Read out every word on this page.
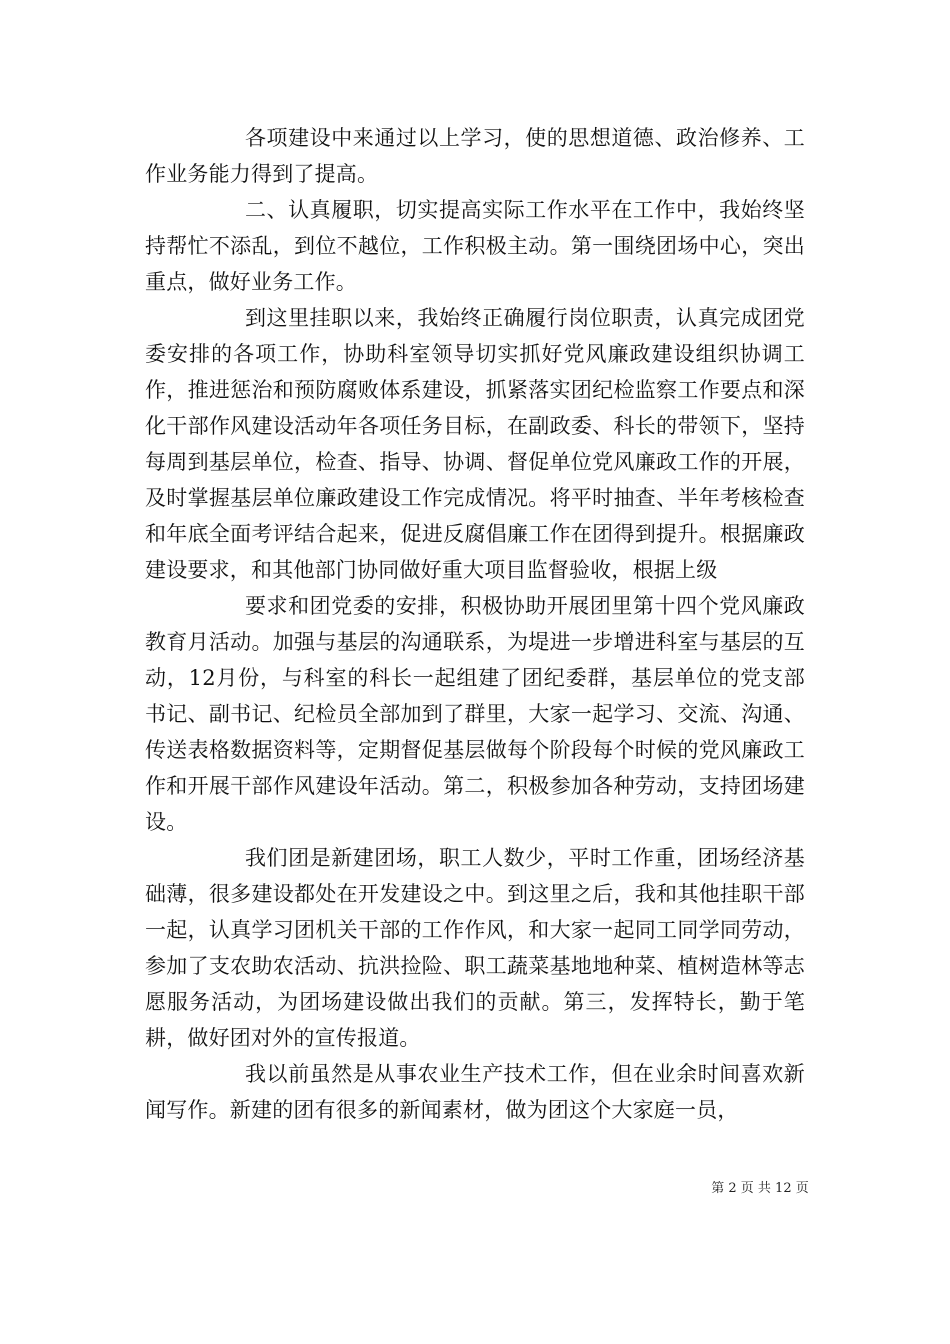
各项建设中来通过以上学习，使的思想道德、政治修养、工作业务能力得到了提高。

二、认真履职，切实提高实际工作水平在工作中，我始终坚持帮忙不添乱，到位不越位，工作积极主动。第一围绕团场中心，突出重点，做好业务工作。

到这里挂职以来，我始终正确履行岗位职责，认真完成团党委安排的各项工作，协助科室领导切实抓好党风廉政建设组织协调工作，推进惩治和预防腐败体系建设，抓紧落实团纪检监察工作要点和深化干部作风建设活动年各项任务目标，在副政委、科长的带领下，坚持每周到基层单位，检查、指导、协调、督促单位党风廉政工作的开展，及时掌握基层单位廉政建设工作完成情况。将平时抽查、半年考核检查和年底全面考评结合起来，促进反腐倡廉工作在团得到提升。根据廉政建设要求，和其他部门协同做好重大项目监督验收，根据上级

要求和团党委的安排，积极协助开展团里第十四个党风廉政教育月活动。加强与基层的沟通联系，为堤进一步增进科室与基层的互动，12月份，与科室的科长一起组建了团纪委群，基层单位的党支部书记、副书记、纪检员全部加到了群里，大家一起学习、交流、沟通、传送表格数据资料等，定期督促基层做每个阶段每个时候的党风廉政工作和开展干部作风建设年活动。第二，积极参加各种劳动，支持团场建设。

我们团是新建团场，职工人数少，平时工作重，团场经济基础薄，很多建设都处在开发建设之中。到这里之后，我和其他挂职干部一起，认真学习团机关干部的工作作风，和大家一起同工同学同劳动，参加了支农助农活动、抗洪捡险、职工蔬菜基地地种菜、植树造林等志愿服务活动，为团场建设做出我们的贡献。第三，发挥特长，勤于笔耕，做好团对外的宣传报道。

我以前虽然是从事农业生产技术工作，但在业余时间喜欢新闻写作。新建的团有很多的新闻素材，做为团这个大家庭一员，

第 2 页 共 12 页
